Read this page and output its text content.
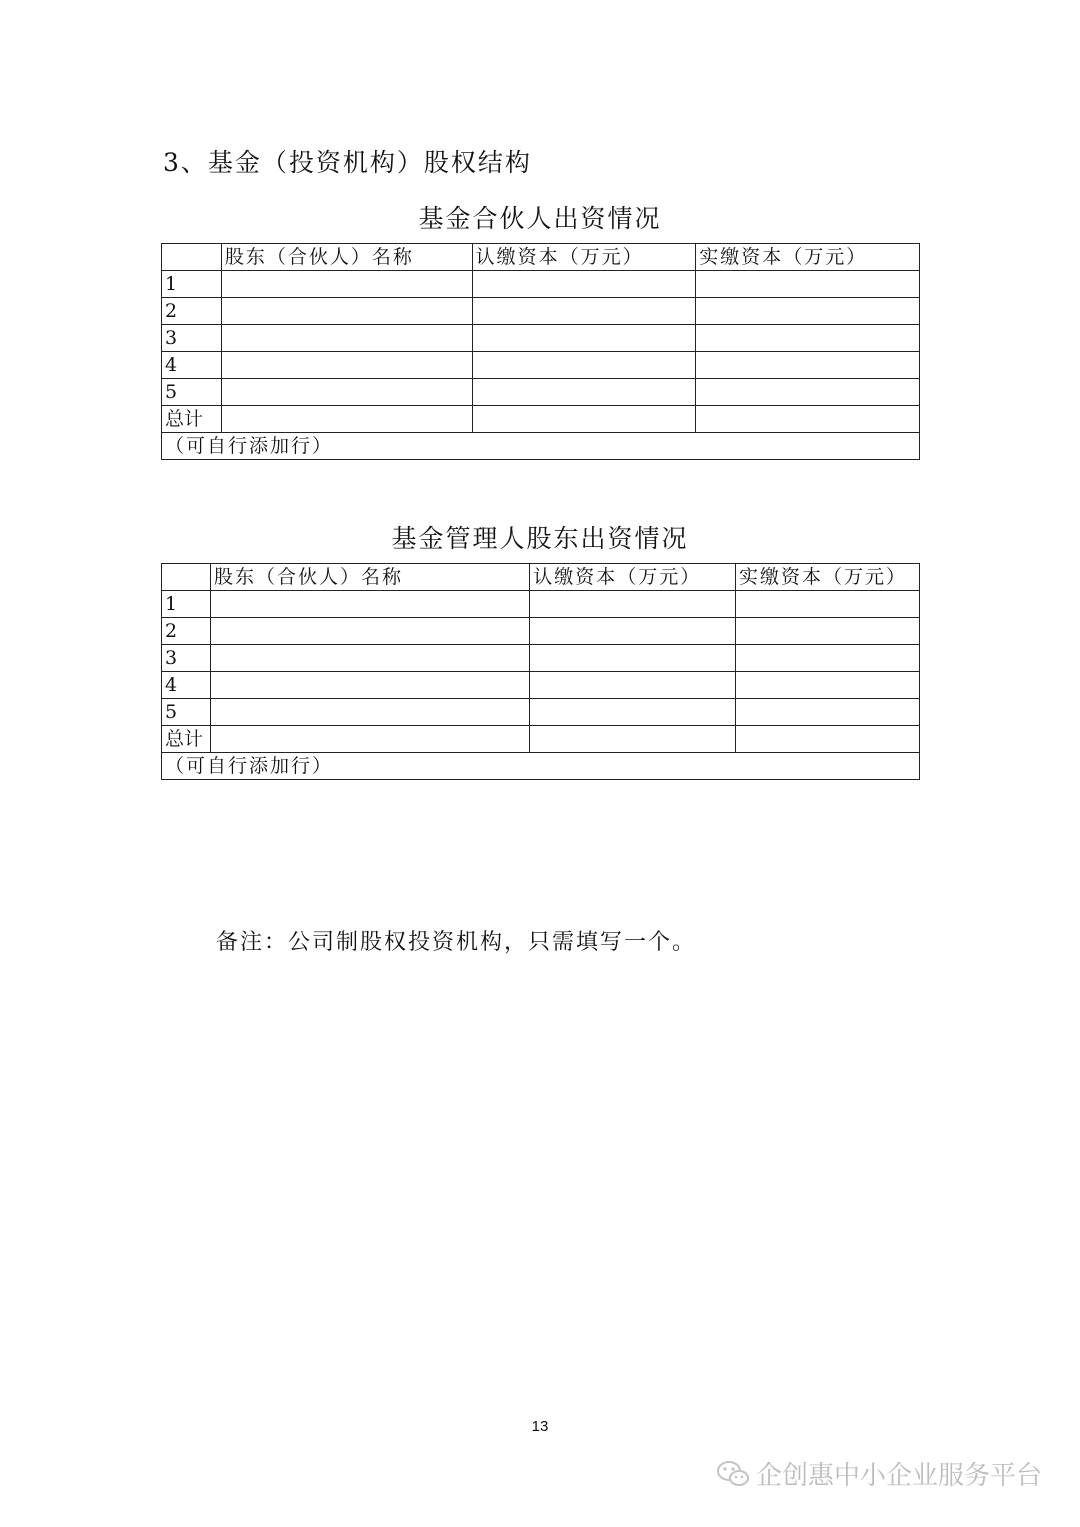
3、基金（投资机构）股权结构
基金合伙人出资情况
	股东（合伙人）名称	认缴资本（万元）	实缴资本（万元）
1			
2			
3			
4			
5			
总计			
（可自行添加行）			
基金管理人股东出资情况
	股东（合伙人）名称	认缴资本（万元）	实缴资本（万元）
1			
2			
3			
4			
5			
总计			
（可自行添加行）			
备注：公司制股权投资机构，只需填写一个。
13
企创惠中小企业服务平台
